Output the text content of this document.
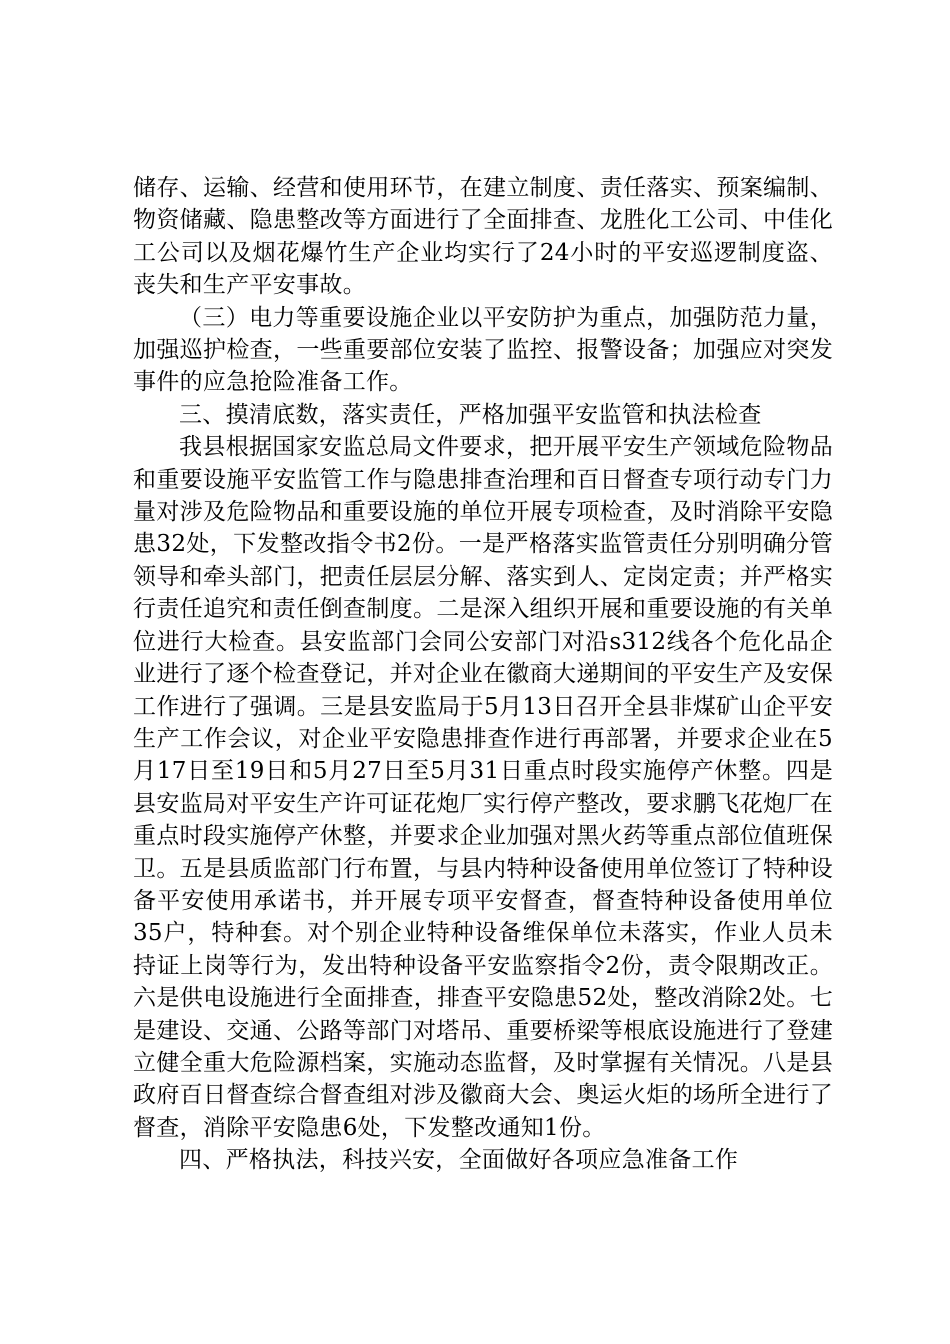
储存、运输、经营和使用环节，在建立制度、责任落实、预案编制、物资储藏、隐患整改等方面进行了全面排查、龙胜化工公司、中佳化工公司以及烟花爆竹生产企业均实行了24小时的平安巡逻制度盗、丧失和生产平安事故。

（三）电力等重要设施企业以平安防护为重点，加强防范力量，加强巡护检查，一些重要部位安装了监控、报警设备；加强应对突发事件的应急抢险准备工作。

三、摸清底数，落实责任，严格加强平安监管和执法检查

我县根据国家安监总局文件要求，把开展平安生产领域危险物品和重要设施平安监管工作与隐患排查治理和百日督查专项行动专门力量对涉及危险物品和重要设施的单位开展专项检查，及时消除平安隐患32处，下发整改指令书2份。一是严格落实监管责任分别明确分管领导和牵头部门，把责任层层分解、落实到人、定岗定责；并严格实行责任追究和责任倒查制度。二是深入组织开展和重要设施的有关单位进行大检查。县安监部门会同公安部门对沿s312线各个危化品企业进行了逐个检查登记，并对企业在徽商大递期间的平安生产及安保工作进行了强调。三是县安监局于5月13日召开全县非煤矿山企平安生产工作会议，对企业平安隐患排查作进行再部署，并要求企业在5月17日至19日和5月27日至5月31日重点时段实施停产休整。四是县安监局对平安生产许可证花炮厂实行停产整改，要求鹏飞花炮厂在重点时段实施停产休整，并要求企业加强对黑火药等重点部位值班保卫。五是县质监部门行布置，与县内特种设备使用单位签订了特种设备平安使用承诺书，并开展专项平安督查，督查特种设备使用单位35户，特种套。对个别企业特种设备维保单位未落实，作业人员未持证上岗等行为，发出特种设备平安监察指令2份，责令限期改正。六是供电设施进行全面排查，排查平安隐患52处，整改消除2处。七是建设、交通、公路等部门对塔吊、重要桥梁等根底设施进行了登建立健全重大危险源档案，实施动态监督，及时掌握有关情况。八是县政府百日督查综合督查组对涉及徽商大会、奥运火炬的场所全进行了督查，消除平安隐患6处，下发整改通知1份。

四、严格执法，科技兴安，全面做好各项应急准备工作
